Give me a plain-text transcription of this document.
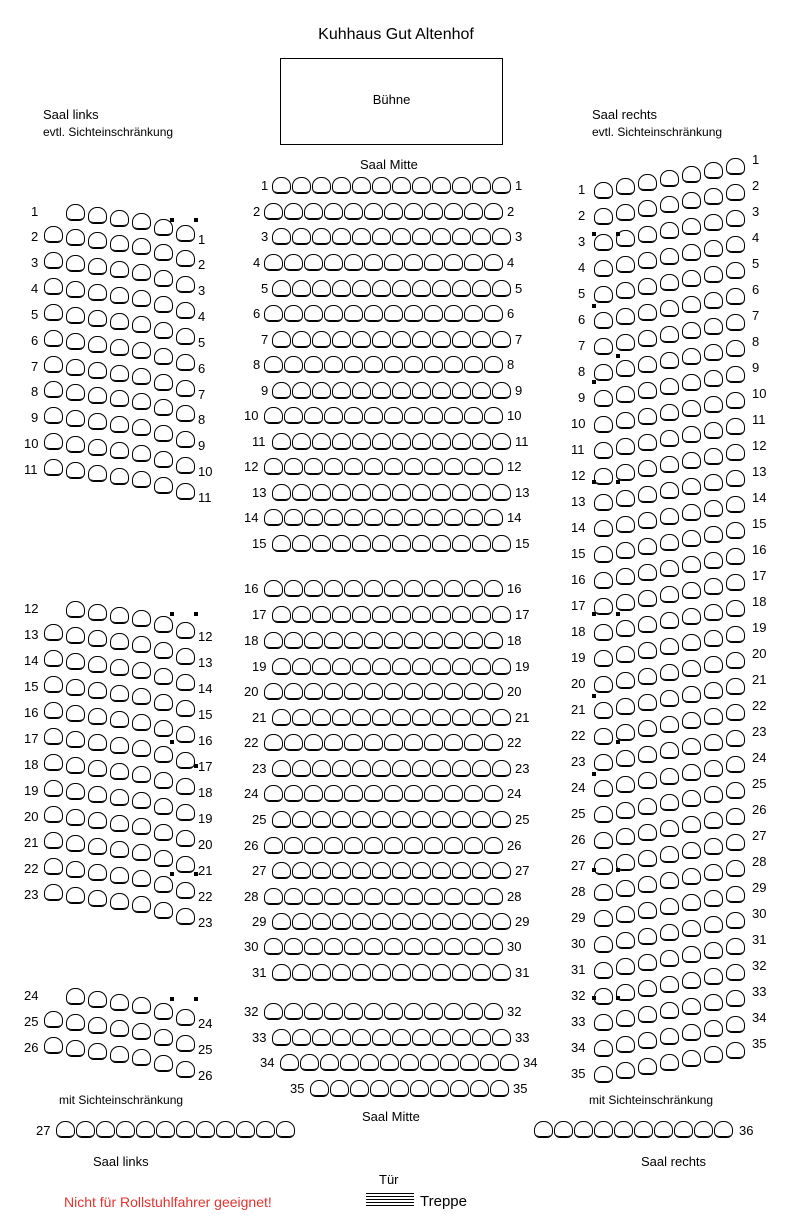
Kuhhaus Gut Altenhof
Bühne
Saal links
evtl. Sichteinschränkung
Saal rechts
evtl. Sichteinschränkung
Saal Mitte
Saal Mitte
mit Sichteinschränkung	mit Sichteinschränkung
Saal links	Saal rechts
27	36
Tür
Treppe
Nicht für Rollstuhlfahrer geeignet!
1	1
2	2
3	3
4	4
5	5
6	6
7	7
8	8
9	9
10	10
11	11
12	12
13	13
14	14
15	15
16	16
17	17
18	18
19	19
20	20
21	21
22	22
23	23
24	24
25	25
26	26
27	27
28	28
29	29
30	30
31	31
32	32
33	33
34	34
35	35
1
1
2
2
3
3
4
4
5
5
6
6
7
7
8
8
9
9
10
10
11
11
12
12
13
13
14
14
15
15
16
16
17
17
18
18
19
19
20
20
21
21
22
22
23
23
24
24
25
25
26
26
1
1	2
2	3
3	4
4	5
5	6
6	7
7	8
8	9
9	10
10	11
11	12
12	13
13	14
14	15
15	16
16	17
17	18
18	19
19	20
20	21
21	22
22	23
23	24
24	25
25	26
26	27
27	28
28	29
29	30
30	31
31	32
32	33
33	34
34	35
35
